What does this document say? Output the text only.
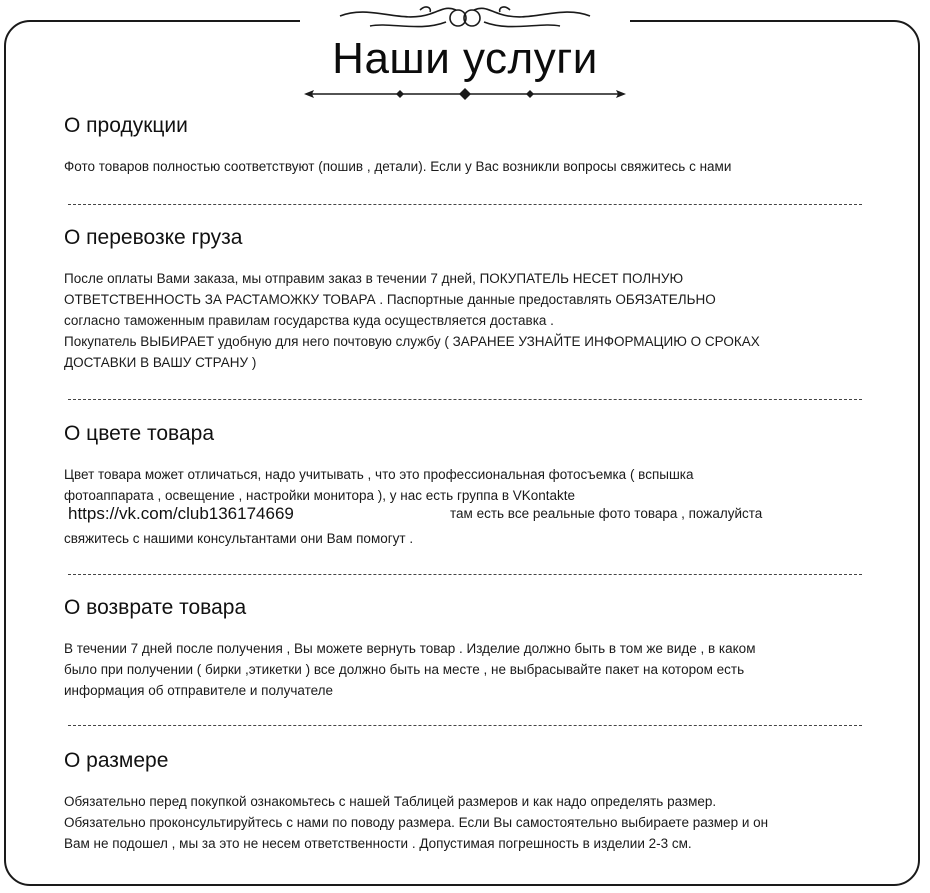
Наши услуги
О продукции

Фото товаров полностью соответствуют (пошив , детали). Если у Вас возникли вопросы свяжитесь с нами

О перевозке груза

После оплаты Вами заказа, мы отправим заказ в течении 7 дней, ПОКУПАТЕЛЬ НЕСЕТ ПОЛНУЮ

ОТВЕТСТВЕННОСТЬ ЗА РАСТАМОЖКУ ТОВАРА . Паспортные данные предоставлять ОБЯЗАТЕЛЬНО

согласно таможенным правилам государства куда осуществляется доставка .

Покупатель ВЫБИРАЕТ удобную для него почтовую службу ( ЗАРАНЕЕ УЗНАЙТЕ ИНФОРМАЦИЮ О СРОКАХ

ДОСТАВКИ В ВАШУ СТРАНУ )

О цвете товара

Цвет товара может отличаться, надо учитывать , что это профессиональная фотосъемка ( вспышка

фотоаппарата , освещение , настройки монитора ), у нас есть группа в VKontakte

https://vk.com/club136174669	там есть все реальные фото товара , пожалуйста

свяжитесь с нашими консультантами они Вам помогут .

О возврате товара

В течении 7 дней после получения , Вы можете вернуть товар . Изделие должно быть в том же виде , в каком

было при получении ( бирки ,этикетки ) все должно быть на месте , не выбрасывайте пакет на котором есть

информация об отправителе и получателе

О размере

Обязательно перед покупкой ознакомьтесь с нашей Таблицей размеров и как надо определять размер.

Обязательно проконсультируйтесь с нами по поводу размера. Если Вы самостоятельно выбираете размер и он

Вам не подошел , мы за это не несем ответственности . Допустимая погрешность в изделии 2-3 см.
